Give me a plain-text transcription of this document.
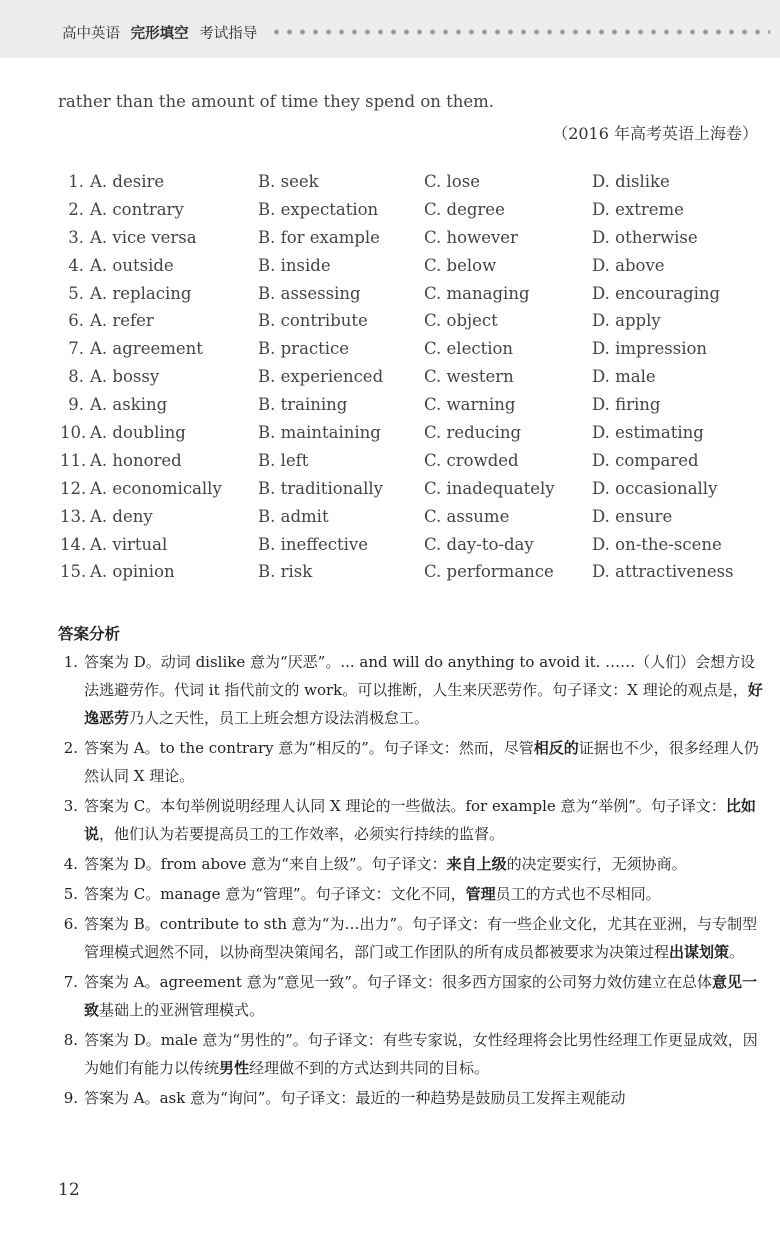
高中英语 完形填空 考试指导
rather than the amount of time they spend on them.
（2016 年高考英语上海卷）
1. A. desire	B. seek	C. lose	D. dislike
2. A. contrary	B. expectation	C. degree	D. extreme
3. A. vice versa	B. for example	C. however	D. otherwise
4. A. outside	B. inside	C. below	D. above
5. A. replacing	B. assessing	C. managing	D. encouraging
6. A. refer	B. contribute	C. object	D. apply
7. A. agreement	B. practice	C. election	D. impression
8. A. bossy	B. experienced C. western	D. male
9. A. asking	B. training	C. warning	D. firing
10. A. doubling	B. maintaining	C. reducing	D. estimating
11. A. honored	B. left	C. crowded	D. compared
12. A. economically B. traditionally C. inadequately D. occasionally
13. A. deny	B. admit	C. assume	D. ensure
14. A. virtual	B. ineffective	C. day-to-day	D. on-the-scene
15. A. opinion	B. risk	C. performance D. attractiveness
答案分析
1. 答案为 D。动词 dislike 意为“厌恶”。... and will do anything to avoid it. ……（人们）会想方设法逃避劳作。代词 it 指代前文的 work。可以推断，人生来厌恶劳作。句子译文：X 理论的观点是，好逸恶劳乃人之天性，员工上班会想方设法消极怠工。
2. 答案为 A。to the contrary 意为“相反的”。句子译文：然而，尽管相反的证据也不少，很多经理人仍然认同 X 理论。
3. 答案为 C。本句举例说明经理人认同 X 理论的一些做法。for example 意为“举例”。句子译文：比如说，他们认为若要提高员工的工作效率，必须实行持续的监督。
4. 答案为 D。from above 意为“来自上级”。句子译文：来自上级的决定要实行，无须协商。
5. 答案为 C。manage 意为“管理”。句子译文：文化不同，管理员工的方式也不尽相同。
6. 答案为 B。contribute to sth 意为“为…出力”。句子译文：有一些企业文化，尤其在亚洲，与专制型管理模式迥然不同，以协商型决策闻名，部门或工作团队的所有成员都被要求为决策过程出谋划策。
7. 答案为 A。agreement 意为“意见一致”。句子译文：很多西方国家的公司努力效仿建立在总体意见一致基础上的亚洲管理模式。
8. 答案为 D。male 意为“男性的”。句子译文：有些专家说，女性经理将会比男性经理工作更显成效，因为她们有能力以传统男性经理做不到的方式达到共同的目标。
9. 答案为 A。ask 意为“询问”。句子译文：最近的一种趋势是鼓励员工发挥主观能动
12
